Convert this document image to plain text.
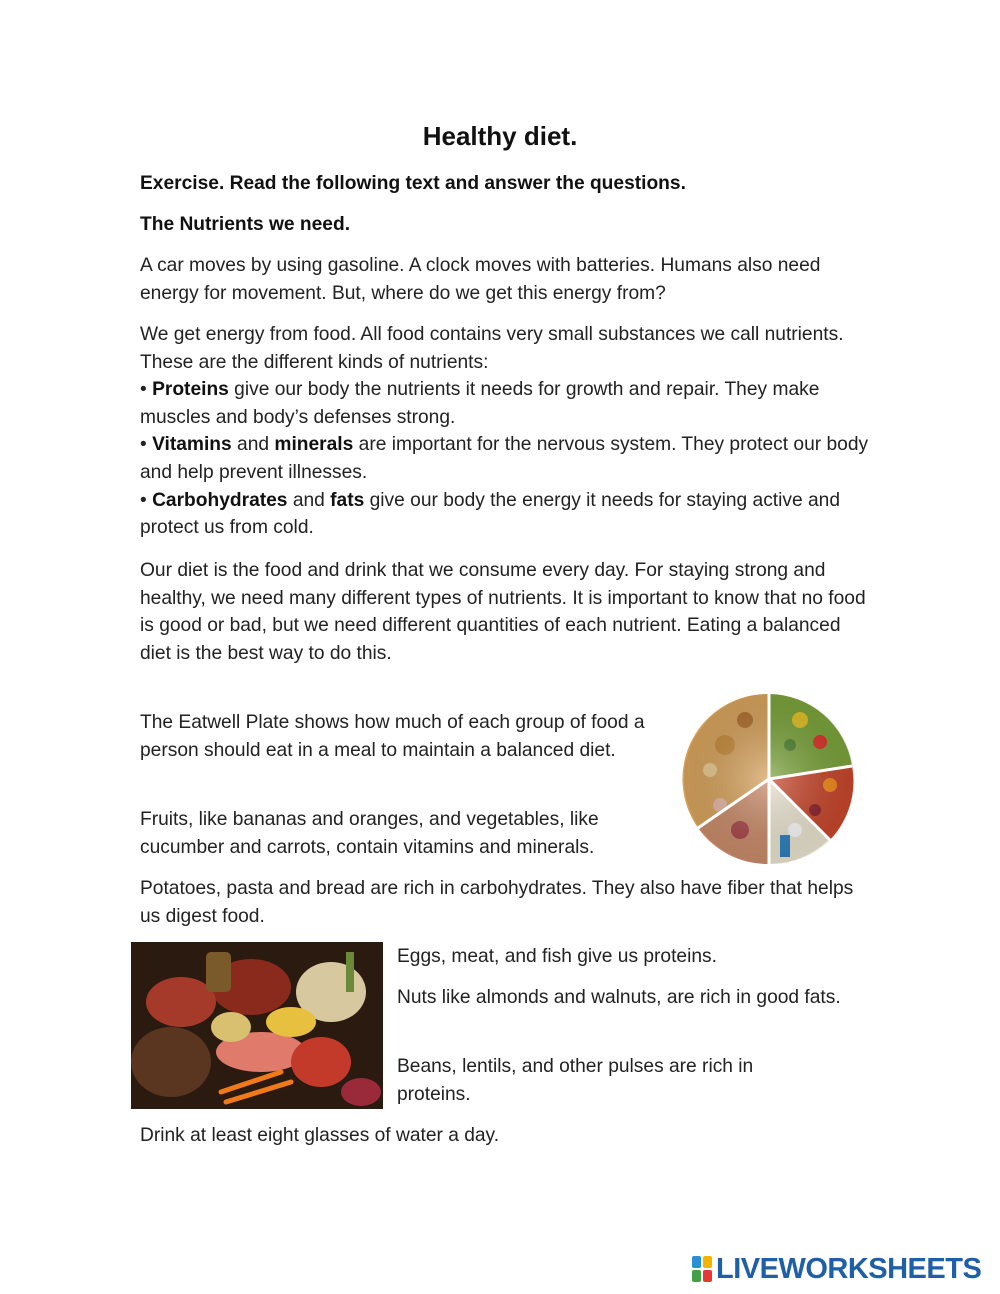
Healthy diet.
Exercise. Read the following text and answer the questions.
The Nutrients we need.
A car moves by using gasoline. A clock moves with batteries. Humans also need energy for movement. But, where do we get this energy from?
We get energy from food. All food contains very small substances we call nutrients. These are the different kinds of nutrients:
• Proteins give our body the nutrients it needs for growth and repair. They make muscles and body’s defenses strong.
• Vitamins and minerals are important for the nervous system. They protect our body and help prevent illnesses.
• Carbohydrates and fats give our body the energy it needs for staying active and protect us from cold.
Our diet is the food and drink that we consume every day. For staying strong and healthy, we need many different types of nutrients. It is important to know that no food is good or bad, but we need different quantities of each nutrient. Eating a balanced diet is the best way to do this.
The Eatwell Plate shows how much of each group of food a person should eat in a meal to maintain a balanced diet.
Fruits, like bananas and oranges, and vegetables, like cucumber and carrots, contain vitamins and minerals.
Potatoes, pasta and bread are rich in carbohydrates. They also have fiber that helps us digest food.
Eggs, meat, and fish give us proteins.
Nuts like almonds and walnuts, are rich in good fats.
Beans, lentils, and other pulses are rich in proteins.
Drink at least eight glasses of water a day.
LIVEWORKSHEETS
